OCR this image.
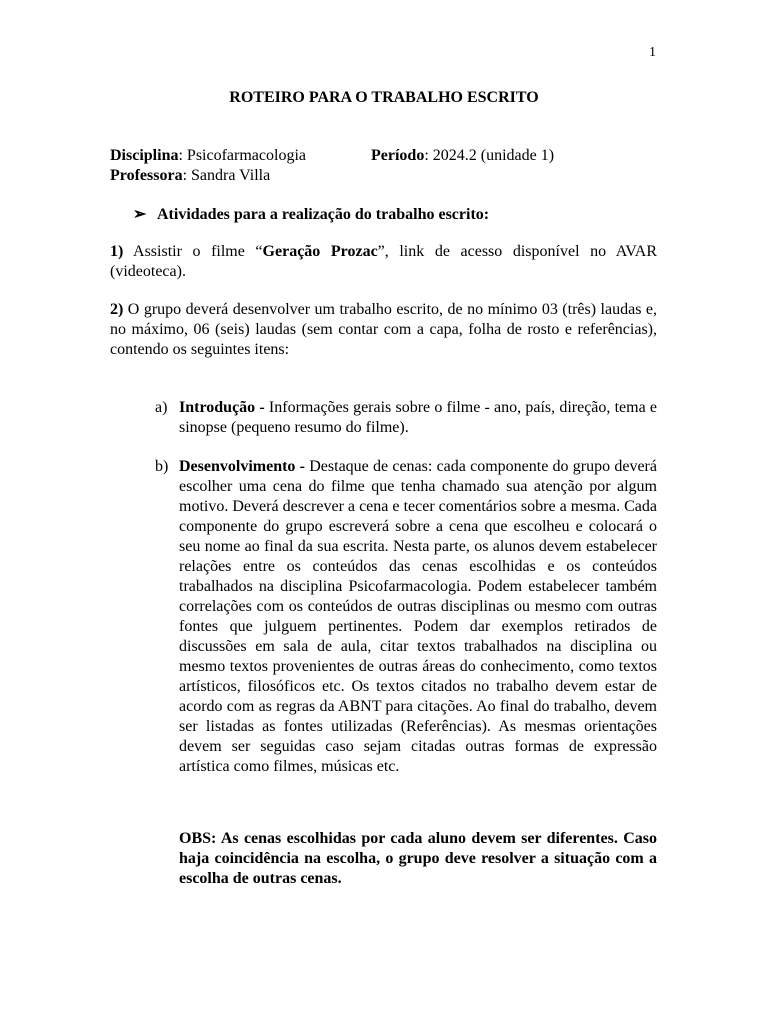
1
ROTEIRO PARA O TRABALHO ESCRITO
Disciplina: Psicofarmacologia	Período: 2024.2 (unidade 1)
Professora: Sandra Villa
➢ Atividades para a realização do trabalho escrito:
1) Assistir o filme “Geração Prozac”, link de acesso disponível no AVAR (videoteca).
2) O grupo deverá desenvolver um trabalho escrito, de no mínimo 03 (três) laudas e, no máximo, 06 (seis) laudas (sem contar com a capa, folha de rosto e referências), contendo os seguintes itens:
a) Introdução - Informações gerais sobre o filme - ano, país, direção, tema e sinopse (pequeno resumo do filme).
b) Desenvolvimento - Destaque de cenas: cada componente do grupo deverá escolher uma cena do filme que tenha chamado sua atenção por algum motivo. Deverá descrever a cena e tecer comentários sobre a mesma. Cada componente do grupo escreverá sobre a cena que escolheu e colocará o seu nome ao final da sua escrita. Nesta parte, os alunos devem estabelecer relações entre os conteúdos das cenas escolhidas e os conteúdos trabalhados na disciplina Psicofarmacologia. Podem estabelecer também correlações com os conteúdos de outras disciplinas ou mesmo com outras fontes que julguem pertinentes. Podem dar exemplos retirados de discussões em sala de aula, citar textos trabalhados na disciplina ou mesmo textos provenientes de outras áreas do conhecimento, como textos artísticos, filosóficos etc. Os textos citados no trabalho devem estar de acordo com as regras da ABNT para citações. Ao final do trabalho, devem ser listadas as fontes utilizadas (Referências). As mesmas orientações devem ser seguidas caso sejam citadas outras formas de expressão artística como filmes, músicas etc.
OBS: As cenas escolhidas por cada aluno devem ser diferentes. Caso haja coincidência na escolha, o grupo deve resolver a situação com a escolha de outras cenas.
